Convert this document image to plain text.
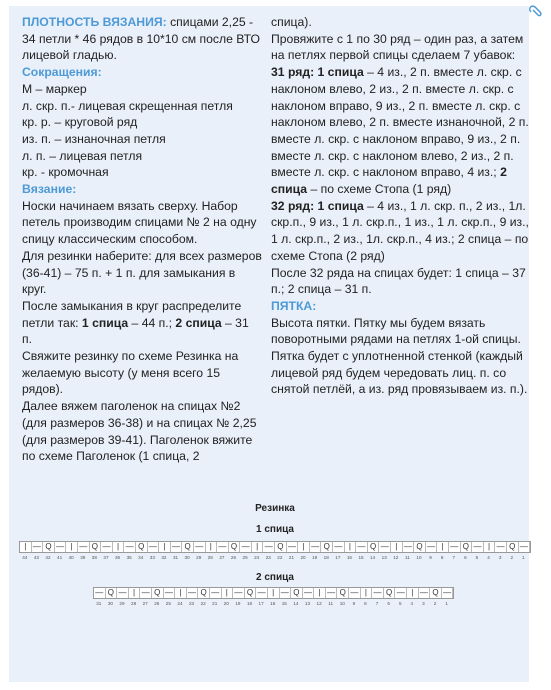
ПЛОТНОСТЬ ВЯЗАНИЯ: спицами 2,25 - 34 петли * 46 рядов в 10*10 см после ВТО лицевой гладью.

Сокращения:

М – маркер

л. скр. п.- лицевая скрещенная петля

кр. р. – круговой ряд

из. п. – изнаночная петля

л. п. – лицевая петля

кр. - кромочная

Вязание:

Носки начинаем вязать сверху. Набор петель производим спицами № 2 на одну спицу классическим способом.

Для резинки наберите: для всех размеров (36-41) – 75 п. + 1 п. для замыкания в круг.

После замыкания в круг распределите петли так: 1 спица – 44 п.; 2 спица – 31 п.

Свяжите резинку по схеме Резинка на желаемую высоту (у меня всего 15 рядов).

Далее вяжем паголенок на спицах №2 (для размеров 36-38) и на спицах № 2,25 (для размеров 39-41). Паголенок вяжите по схеме Паголенок (1 спица, 2

спица).

Провяжите с 1 по 30 ряд – один раз, а затем на петлях первой спицы сделаем 7 убавок: 31 ряд: 1 спица – 4 из., 2 п. вместе л. скр. с наклоном влево, 2 из., 2 п. вместе л. скр. с наклоном вправо, 9 из., 2 п. вместе л. скр. с наклоном влево, 2 п. вместе изнаночной, 2 п. вместе л. скр. с наклоном вправо, 9 из., 2 п. вместе л. скр. с наклоном влево, 2 из., 2 п. вместе л. скр. с наклоном вправо, 4 из.; 2 спица – по схеме Стопа (1 ряд)

32 ряд: 1 спица – 4 из., 1 л. скр. п., 2 из., 1л. скр.п., 9 из., 1 л. скр.п., 1 из., 1 л. скр.п., 9 из., 1 л. скр.п., 2 из., 1л. скр.п., 4 из.; 2 спица – по схеме Стопа (2 ряд)

После 32 ряда на спицах будет: 1 спица – 37 п.; 2 спица – 31 п.

ПЯТКА:

Высота пятки. Пятку мы будем вязать поворотными рядами на петлях 1-ой спицы.

Пятка будет с уплотненной стенкой (каждый лицевой ряд будем чередовать лиц. п. со

снятой петлёй, а из. ряд провязываем из. п.).

Резинка
1 спица
| — Q — | — Q — | — Q — | — Q — | — Q — | — Q — | — Q — | — Q — | — Q — | — Q — | — Q —
44	43	42	41	40	39	38	37	36	35	34	33	32	31	30	29	28	27	26	25	24	23	22	21	20	19	18	17	16	15	14	13	12	11	10	9	8	7	6	5	4	3	2	1
2 спица
— Q — | — Q — | — Q — | — Q — | — Q — | — Q — | — Q — | — Q —
31	30	29	28	27	26	25	24	23	22	21	20	19	18	17	16	15	14	13	12	11	10	9	8	7	6	5	4	3	2	1
